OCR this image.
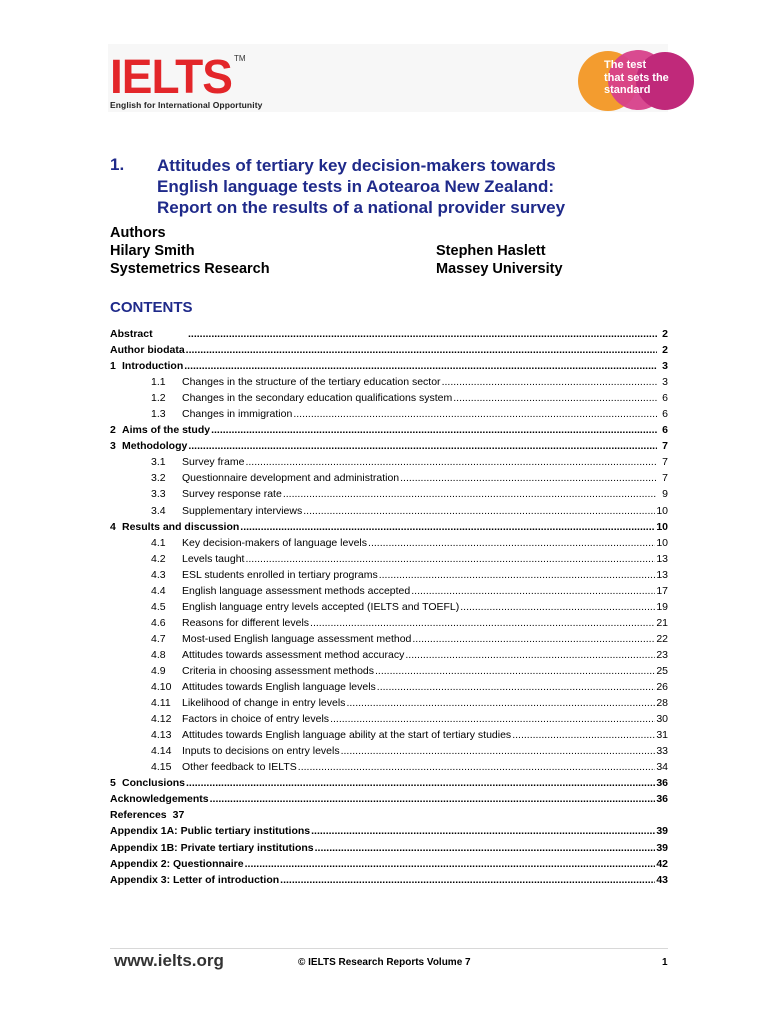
IELTS TM
English for International Opportunity
The test
that sets the
standard
1. Attitudes of tertiary key decision-makers towards
English language tests in Aotearoa New Zealand:
Report on the results of a national provider survey
Authors
Hilary Smith
Systemetrics Research
Stephen Haslett
Massey University
CONTENTS
Abstract .....	2
Author biodata .....	2
1 Introduction .....	3
1.1	Changes in the structure of the tertiary education sector .....	3
1.2	Changes in the secondary education qualifications system .....	6
1.3	Changes in immigration .....	6
2 Aims of the study .....	6
3 Methodology .....	7
3.1	Survey frame .....	7
3.2	Questionnaire development and administration .....	7
3.3	Survey response rate .....	9
3.4	Supplementary interviews .....	10
4 Results and discussion .....	10
4.1	Key decision-makers of language levels .....	10
4.2	Levels taught .....	13
4.3	ESL students enrolled in tertiary programs .....	13
4.4	English language assessment methods accepted .....	17
4.5	English language entry levels accepted (IELTS and TOEFL) .....	19
4.6	Reasons for different levels .....	21
4.7	Most-used English language assessment method .....	22
4.8	Attitudes towards assessment method accuracy .....	23
4.9	Criteria in choosing assessment methods .....	25
4.10	Attitudes towards English language levels .....	26
4.11	Likelihood of change in entry levels .....	28
4.12	Factors in choice of entry levels .....	30
4.13	Attitudes towards English language ability at the start of tertiary studies .....	31
4.14	Inputs to decisions on entry levels .....	33
4.15	Other feedback to IELTS .....	34
5 Conclusions .....	36
Acknowledgements .....	36
References 37
Appendix 1A: Public tertiary institutions .....	39
Appendix 1B: Private tertiary institutions .....	39
Appendix 2: Questionnaire .....	42
Appendix 3: Letter of introduction .....	43
www.ielts.org	© IELTS Research Reports Volume 7	1
